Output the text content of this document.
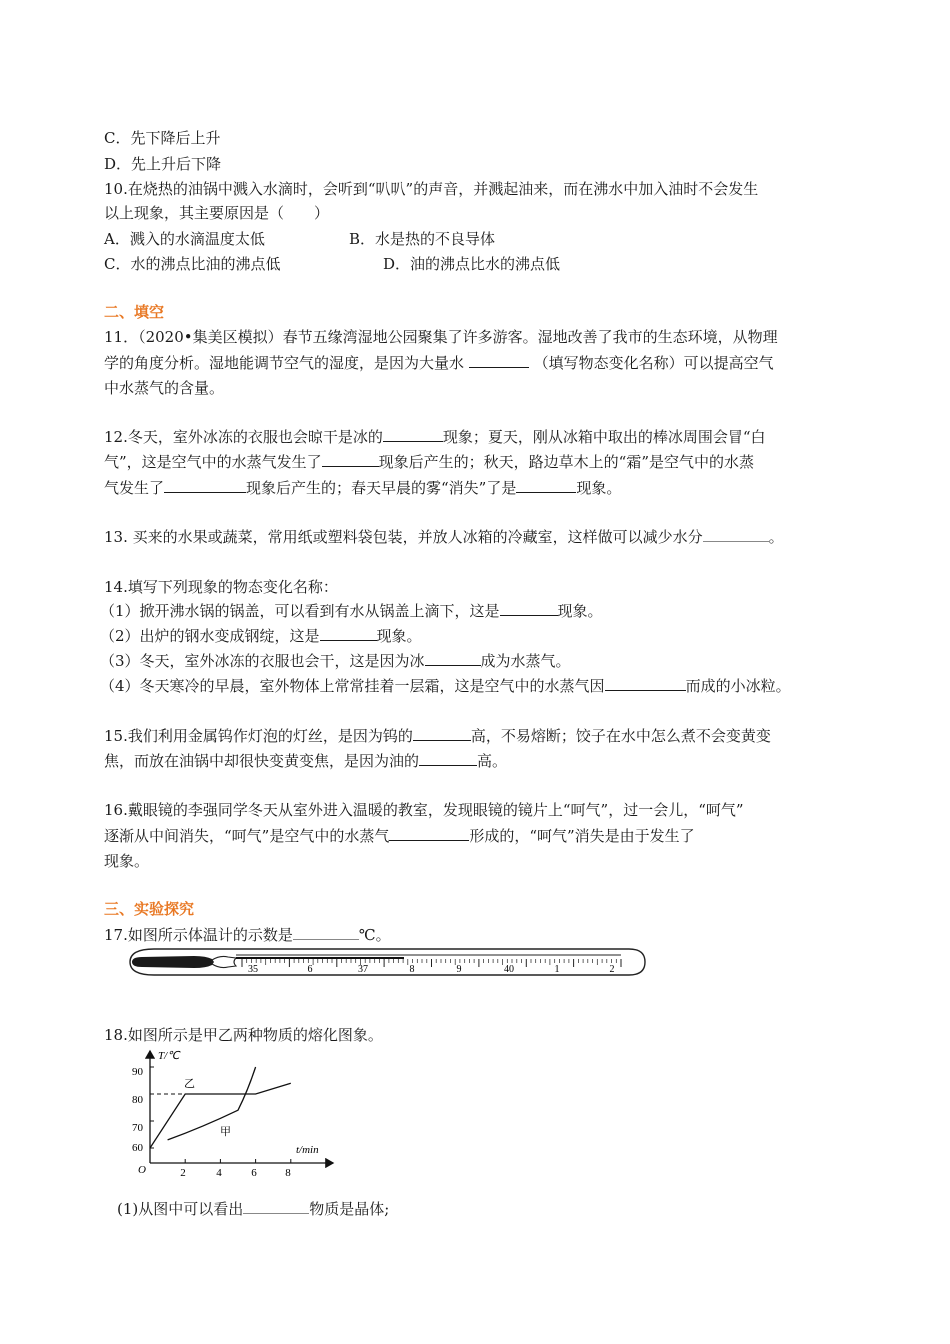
C．先下降后上升
D．先上升后下降
10.在烧热的油锅中溅入水滴时，会听到“叭叭”的声音，并溅起油来，而在沸水中加入油时不会发生
以上现象，其主要原因是（　　）
A．溅入的水滴温度太低	B．水是热的不良导体
C．水的沸点比油的沸点低	D．油的沸点比水的沸点低
二、填空
11．（2020•集美区模拟）春节五缘湾湿地公园聚集了许多游客。湿地改善了我市的生态环境，从物理
学的角度分析。湿地能调节空气的湿度，是因为大量水	（填写物态变化名称）可以提高空气
中水蒸气的含量。
12.冬天，室外冰冻的衣服也会晾干是冰的	现象；夏天，刚从冰箱中取出的棒冰周围会冒“白
气”，这是空气中的水蒸气发生了	现象后产生的；秋天，路边草木上的“霜”是空气中的水蒸
气发生了	现象后产生的；春天早晨的雾“消失”了是	现象。
13. 买来的水果或蔬菜，常用纸或塑料袋包装，并放人冰箱的冷藏室，这样做可以减少水分	。
14.填写下列现象的物态变化名称：
（1）掀开沸水锅的锅盖，可以看到有水从锅盖上滴下，这是	现象。
（2）出炉的钢水变成钢绽，这是	现象。
（3）冬天，室外冰冻的衣服也会干，这是因为冰	成为水蒸气。
（4）冬天寒冷的早晨，室外物体上常常挂着一层霜，这是空气中的水蒸气因	而成的小冰粒。
15.我们利用金属钨作灯泡的灯丝，是因为钨的	高，不易熔断；饺子在水中怎么煮不会变黄变
焦，而放在油锅中却很快变黄变焦，是因为油的	高。
16.戴眼镜的李强同学冬天从室外进入温暖的教室，发现眼镜的镜片上“呵气”，过一会儿，“呵气”
逐渐从中间消失，“呵气”是空气中的水蒸气	形成的，“呵气”消失是由于发生了
现象。
三、实验探究
17.如图所示体温计的示数是	℃。
35	6	37	8	9	40	1	2
18.如图所示是甲乙两种物质的熔化图象。
T/℃
t/min
O
90
80
70
60
2	4	6	8
乙
甲
(1)从图中可以看出	物质是晶体;
